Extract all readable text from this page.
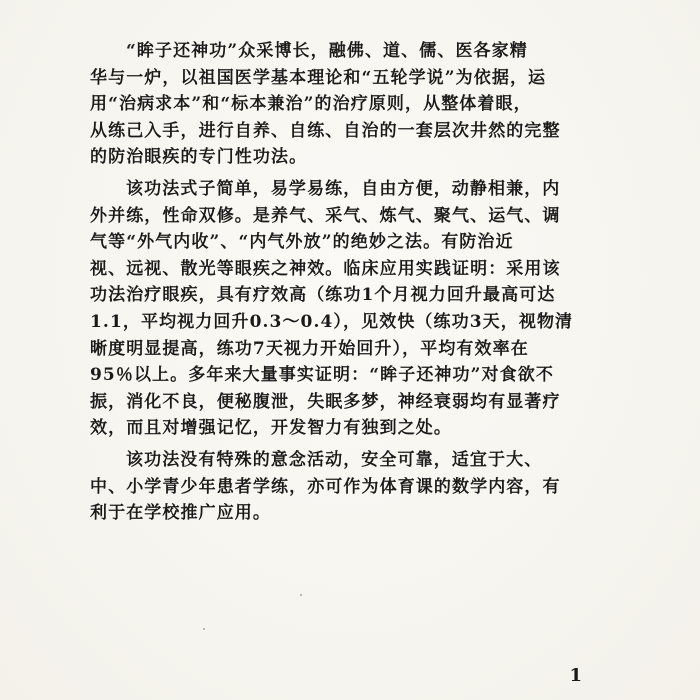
“眸子还神功”众采博长，融佛、道、儒、医各家精
华与一炉，以祖国医学基本理论和“五轮学说”为依据，运
用“治病求本”和“标本兼治”的治疗原则，从整体着眼，
从练己入手，进行自养、自练、自治的一套层次井然的完整
的防治眼疾的专门性功法。
该功法式子简单，易学易练，自由方便，动静相兼，内
外并练，性命双修。是养气、采气、炼气、聚气、运气、调
气等“外气内收”、“内气外放”的绝妙之法。有防治近
视、远视、散光等眼疾之神效。临床应用实践证明：采用该
功法治疗眼疾，具有疗效高（练功1个月视力回升最高可达
1.1，平均视力回升0.3～0.4），见效快（练功3天，视物清
晰度明显提高，练功7天视力开始回升），平均有效率在
95％以上。多年来大量事实证明：“眸子还神功”对食欲不
振，消化不良，便秘腹泄，失眠多梦，神经衰弱均有显著疗
效，而且对增强记忆，开发智力有独到之处。
该功法没有特殊的意念活动，安全可靠，适宜于大、
中、小学青少年患者学练，亦可作为体育课的数学内容，有
利于在学校推广应用。
1
